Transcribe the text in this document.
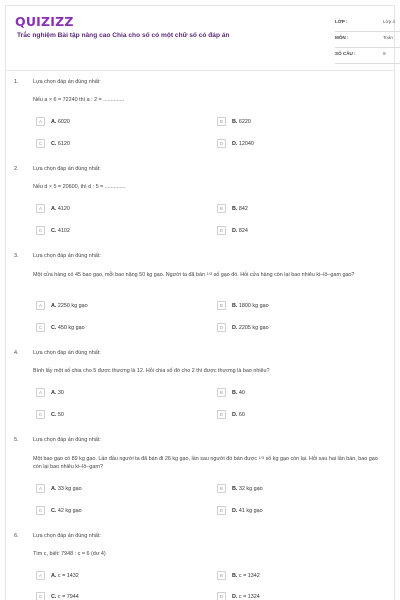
QUIZIZZ
Trắc nghiệm Bài tập nâng cao Chia cho số có một chữ số có đáp án
LỚP :	Lớp 4
MÔN :	Toán
SỐ CÂU :	9
1.	Lựa chọn đáp án đúng nhất:
Nếu a × 6 = 72240 thì a : 2 = ..............
A	A. 6020	B	B. 6220
C	C. 6120	D	D. 12040
2.	Lựa chọn đáp án đúng nhất:
Nếu d × 5 = 20600, thì d : 5 = ..............
A	A. 4120	B	B. 842
C	C. 4102	D	D. 824
3.	Lựa chọn đáp án đúng nhất:
Một cửa hàng có 45 bao gạo, mỗi bao nặng 50 kg gạo. Người ta đã bán 1/3 số gạo đó. Hỏi cửa hàng còn lại bao nhiêu ki–lô–gam gạo?
A	A. 2250 kg gạo	B	B. 1800 kg gạo
C	C. 450 kg gạo	D	D. 2205 kg gạo
4.	Lựa chọn đáp án đúng nhất:
Bình lấy một số chia cho 5 được thương là 12. Hỏi chia số đó cho 2 thì được thương là bao nhiêu?
A	A. 30	B	B. 40
C	C. 50	D	D. 60
5.	Lựa chọn đáp án đúng nhất:
Một bao gạo có 89 kg gạo. Lần đầu người ta đã bán đi 26 kg gạo, lần sau người đó bán được 1/3 số kg gạo còn lại. Hỏi sau hai lần bán, bao gạo còn lại bao nhiêu ki–lô–gam?
A	A. 33 kg gạo	B	B. 32 kg gạo
C	C. 42 kg gạo	D	D. 41 kg gạo
6.	Lựa chọn đáp án đúng nhất:
Tìm c, biết: 7948 : c = 6 (dư 4)
A	A. c = 1432	B	B. c = 1342
C	C. c = 7944	D	D. c = 1324
